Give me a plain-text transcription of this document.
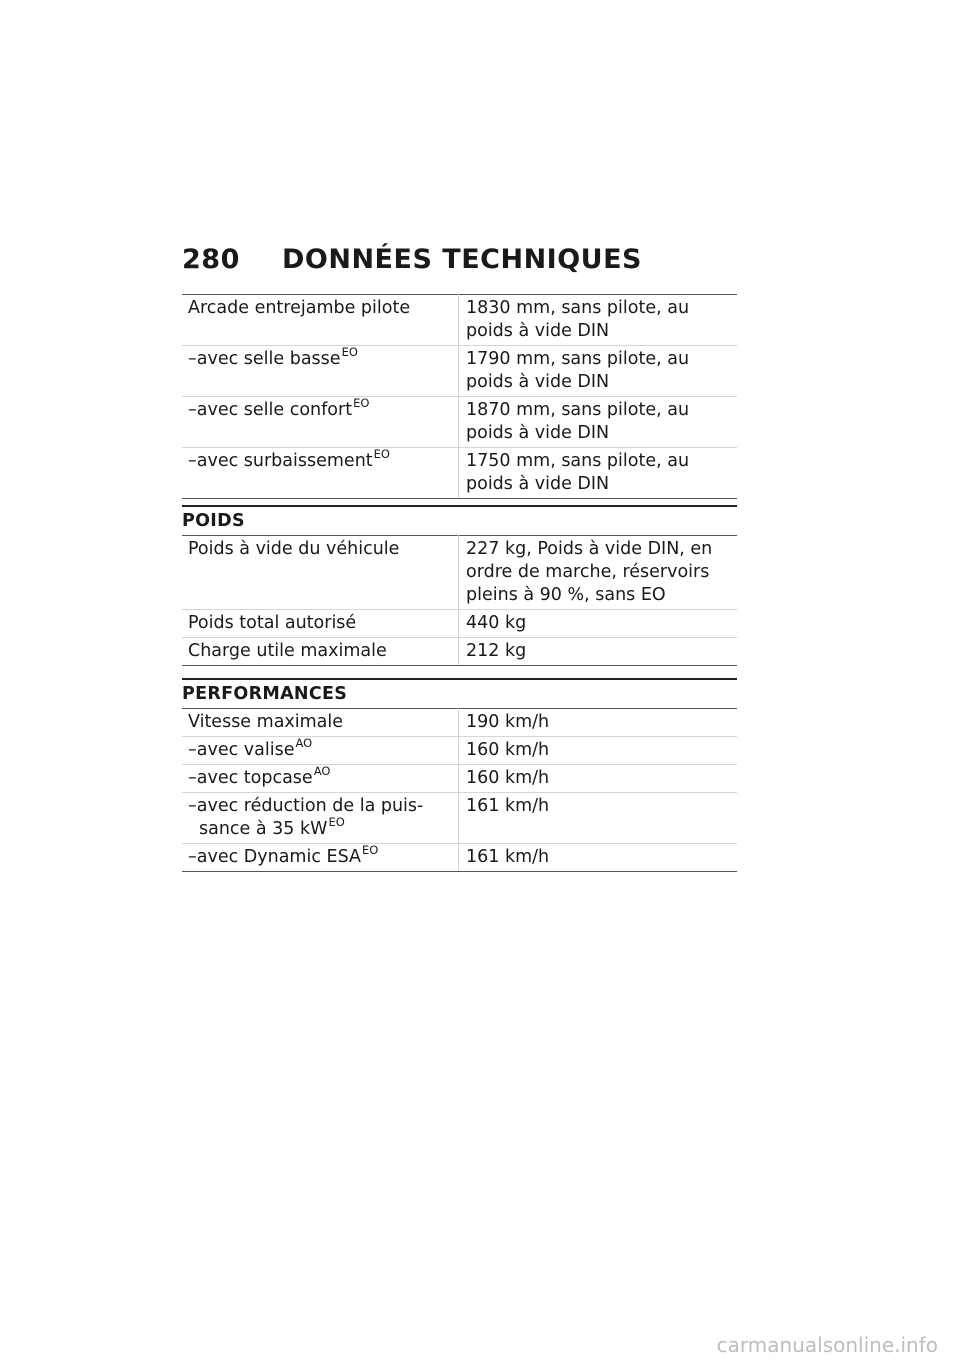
280 DONNÉES TECHNIQUES
Arcade entrejambe pilote	1830 mm, sans pilote, au
poids à vide DIN
–avec selle basse$^{EO}$	1790 mm, sans pilote, au
poids à vide DIN
–avec selle confort$^{EO}$	1870 mm, sans pilote, au
poids à vide DIN
–avec surbaissement$^{EO}$	1750 mm, sans pilote, au
poids à vide DIN
POIDS
Poids à vide du véhicule	227 kg, Poids à vide DIN, en
ordre de marche, réservoirs
pleins à 90 %, sans EO
Poids total autorisé	440 kg
Charge utile maximale	212 kg
PERFORMANCES
Vitesse maximale	190 km/h
–avec valise$^{AO}$	160 km/h
–avec topcase$^{AO}$	160 km/h
–avec réduction de la puis-
sance à 35 $kW^{EO}$	161 km/h
–avec Dynamic $ESA^{EO}$	161 km/h
carmanualsonline.info
